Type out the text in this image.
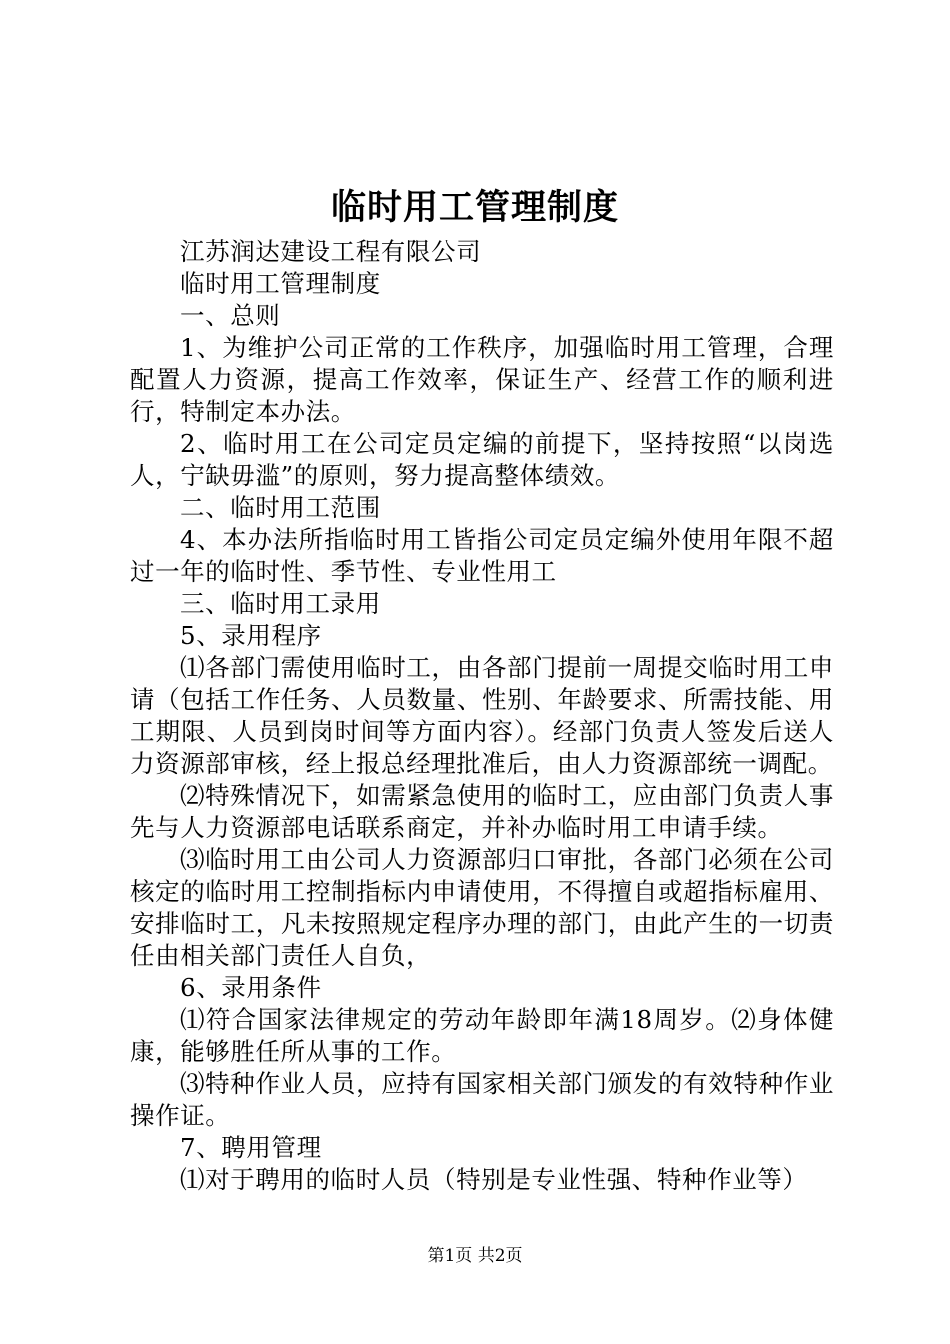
临时用工管理制度

江苏润达建设工程有限公司

临时用工管理制度

一、总则

1、为维护公司正常的工作秩序，加强临时用工管理，合理配置人力资源，提高工作效率，保证生产、经营工作的顺利进行，特制定本办法。

2、临时用工在公司定员定编的前提下，坚持按照“以岗选人，宁缺毋滥”的原则，努力提高整体绩效。

二、临时用工范围

4、本办法所指临时用工皆指公司定员定编外使用年限不超过一年的临时性、季节性、专业性用工

三、临时用工录用

5、录用程序

⑴各部门需使用临时工，由各部门提前一周提交临时用工申请（包括工作任务、人员数量、性别、年龄要求、所需技能、用工期限、人员到岗时间等方面内容）。经部门负责人签发后送人力资源部审核，经上报总经理批准后，由人力资源部统一调配。

⑵特殊情况下，如需紧急使用的临时工，应由部门负责人事先与人力资源部电话联系商定，并补办临时用工申请手续。

⑶临时用工由公司人力资源部归口审批，各部门必须在公司核定的临时用工控制指标内申请使用，不得擅自或超指标雇用、安排临时工，凡未按照规定程序办理的部门，由此产生的一切责任由相关部门责任人自负，

6、录用条件

⑴符合国家法律规定的劳动年龄即年满18周岁。⑵身体健康，能够胜任所从事的工作。

⑶特种作业人员，应持有国家相关部门颁发的有效特种作业操作证。

7、聘用管理

⑴对于聘用的临时人员（特别是专业性强、特种作业等）

第1页 共2页
